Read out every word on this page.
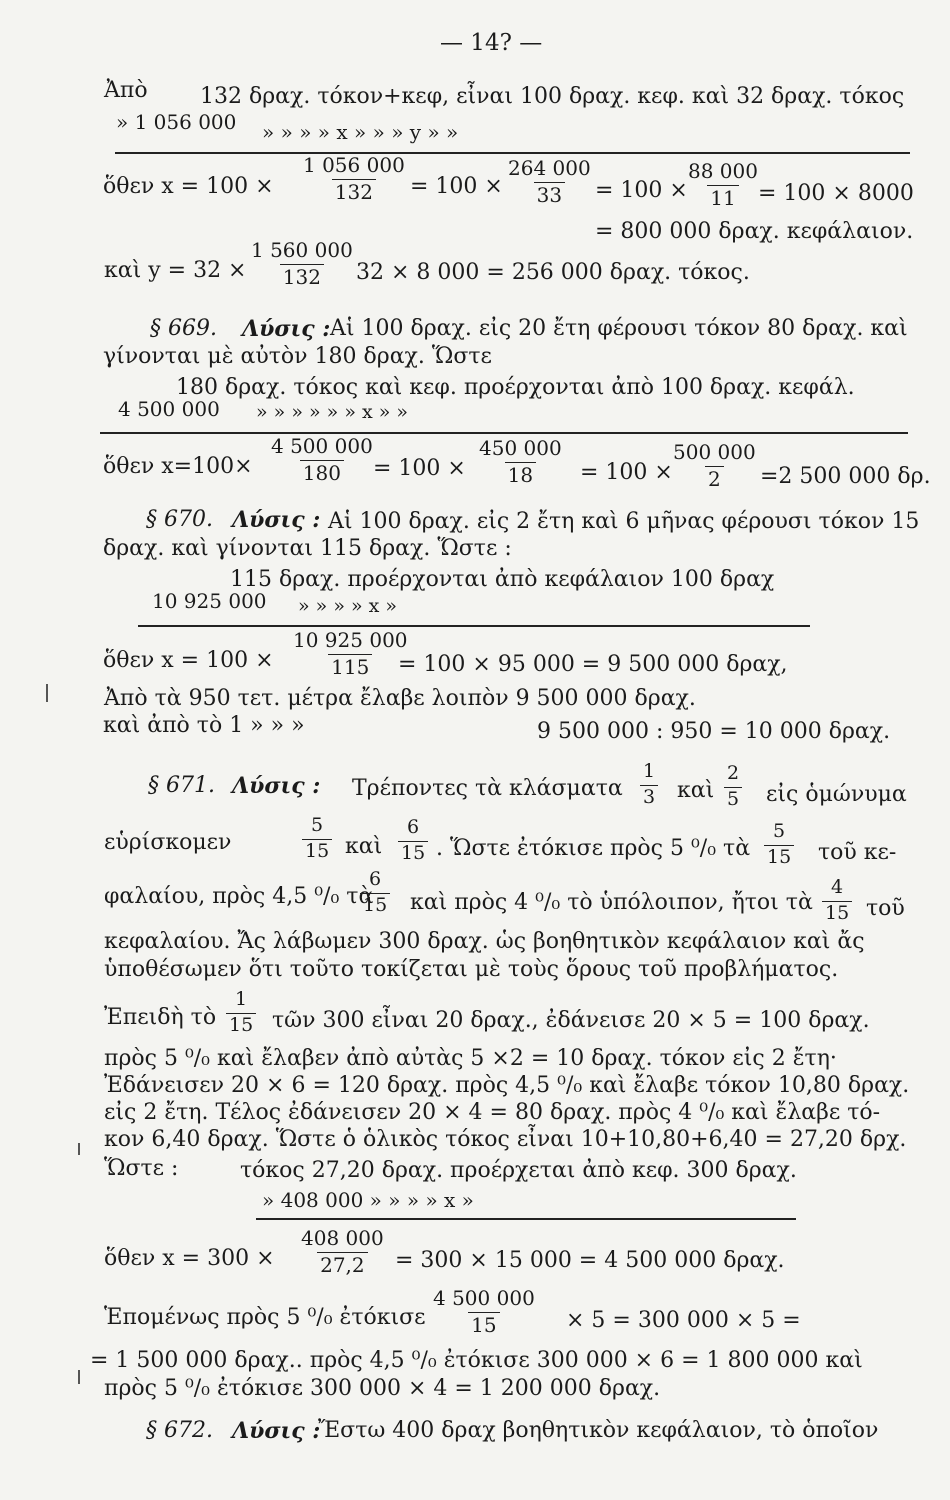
— 14? —
Ἀπὸ 132 δραχ. τόκον+κεφ, εἶναι 100 δραχ. κεφ. καὶ 32 δραχ. τόκος
» 1 056 000 » » » » x » » » y » »
ὅθεν $x = 100 \times \frac{1 056 000}{132} = 100 \times \frac{264 000}{33} = 100$ ×
$\frac{88 000}{11}$
= 100 × 8000
= 800 000 δραχ. κεφάλαιον.
καὶ $y = 32 \times \frac{1 560 000}{132} 32 \times 8$ 000 = 256 000 δραχ. τόκος.
§ 669. Λύσις : Αἱ 100 δραχ. εἰς 20 ἔτη φέρουσι τόκον 80 δραχ. καὶ
γίνονται μὲ αὐτὸν 180 δραχ. Ὥστε
180 δραχ. τόκος καὶ κεφ. προέρχονται ἀπὸ 100 δραχ. κεφάλ.
4 500 000 » » » » » » x » »
ὅθεν $x=100\times \frac{4 500 000}{180}$
= $100 \times \frac{450 000}{18} = 100$ ×
$\frac{500 000}{2} =2$ 500 000 δρ.
§ 670. Λύσις : Αἱ 100 δραχ. εἰς 2 ἔτη καὶ 6 μῆνας φέρουσι τόκον 15
δραχ. καὶ γίνονται 115 δραχ. Ὥστε :
115 δραχ. προέρχονται ἀπὸ κεφάλαιον 100 δραχ
10 925 000 » » » » x »
ὅθεν $x = 100 \times \frac{10 925 000}{115}$
= 100 × 95 000 = 9 500 000 δραχ,
Ἀπὸ τὰ 950 τετ. μέτρα ἔλαβε λοιπὸν 9 500 000 δραχ.
καὶ ἀπὸ τὸ 1 » » »	9 500 000 : 950 = 10 000 δραχ.
§ 671. Λύσις : Τρέποντες τὰ κλάσματα $\frac{1}{3}$ καὶ $\frac{2}{5}$ εἰς ὁμώνυμα
εὑρίσκομεν	$\frac{5}{15}$ καὶ $\frac{6}{15}$ . Ὥστε ἐτόκισε πρὸς 5 ⁰/₀ τὰ $\frac{5}{15}$ τοῦ κε-
φαλαίου, πρὸς 4,5 ⁰/₀ τὰ
$\frac{6}{15}$ καὶ πρὸς 4 ⁰/₀ τὸ ὑπόλοιπον, ἤτοι τὰ $\frac{4}{15}$ τοῦ
κεφαλαίου. Ἄς λάβωμεν 300 δραχ. ὡς βοηθητικὸν κεφάλαιον καὶ ἄς
ὑποθέσωμεν ὅτι τοῦτο τοκίζεται μὲ τοὺς ὅρους τοῦ προβλήματος.
Ἐπειδὴ τὸ $\frac{1}{15}$ τῶν 300 εἶναι 20 δραχ., ἐδάνεισε 20 × 5 = 100 δραχ.
πρὸς 5 ⁰/₀ καὶ ἔλαβεν ἀπὸ αὐτὰς 5 ×2 = 10 δραχ. τόκον εἰς 2 ἔτη·
Ἐδάνεισεν 20 × 6 = 120 δραχ. πρὸς 4,5 ⁰/₀ καὶ ἔλαβε τόκον 10,80 δραχ.
εἰς 2 ἔτη. Τέλος ἐδάνεισεν 20 × 4 = 80 δραχ. πρὸς 4 ⁰/₀ καὶ ἔλαβε τό-
κον 6,40 δραχ. Ὥστε ὁ ὁλικὸς τόκος εἶναι 10+10,80+6,40 = 27,20 δρχ.
Ὥστε :	τόκος 27,20 δραχ. προέρχεται ἀπὸ κεφ. 300 δραχ.
» 408 000 » » » » x »
ὅθεν $x = 300 \times \frac{408 000}{27,2} = 300 \times 15$ 000 = 4 500 000 δραχ.
Ἑπομένως πρὸς 5 ⁰/₀ ἐτόκισε $\frac{4 500 000}{15} \times 5 = 300$ 000 × 5 =
= 1 500 000 δραχ.. πρὸς 4,5 ⁰/₀ ἐτόκισε 300 000 × 6 = 1 800 000 καὶ
πρὸς 5 ⁰/₀ ἐτόκισε 300 000 × 4 = 1 200 000 δραχ.
§ 672. Λύσις :
Ἔστω 400 δραχ βοηθητικὸν κεφάλαιον, τὸ ὁποῖον
